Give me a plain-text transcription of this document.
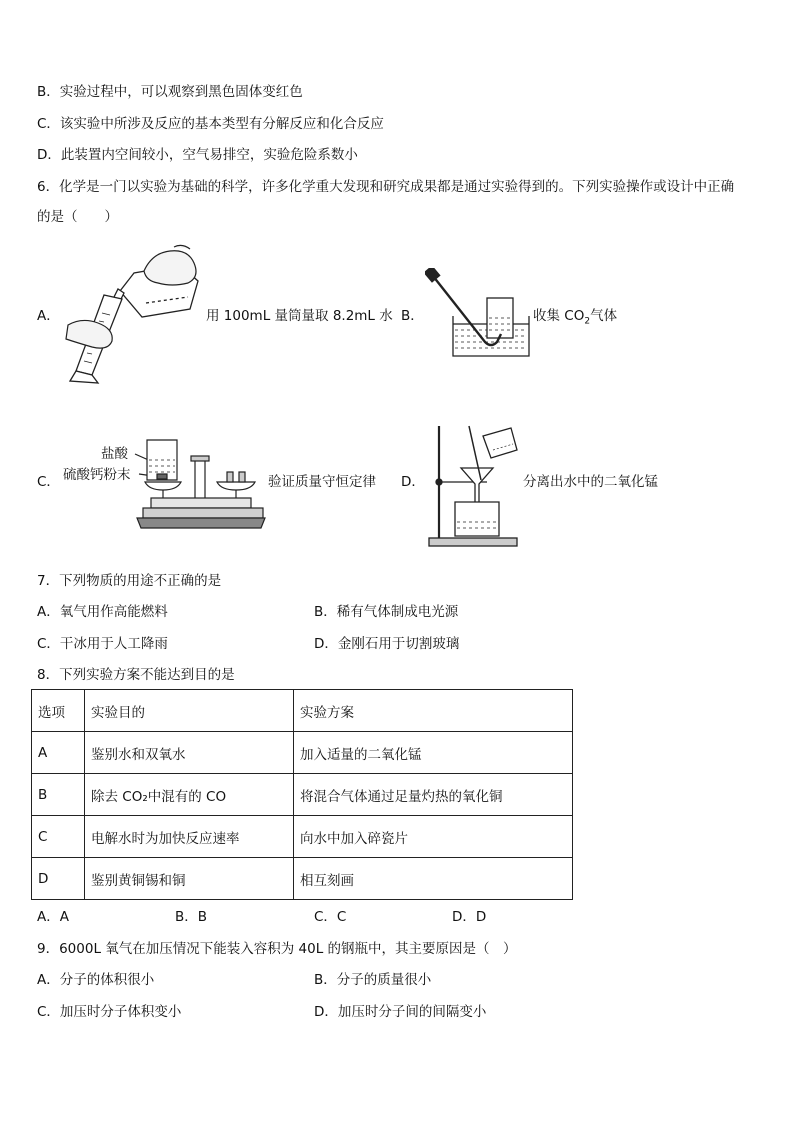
B．实验过程中，可以观察到黑色固体变红色
C．该实验中所涉及反应的基本类型有分解反应和化合反应
D．此装置内空间较小，空气易排空，实验危险系数小
6．化学是一门以实验为基础的科学，许多化学重大发现和研究成果都是通过实验得到的。下列实验操作或设计中正确
的是（　　）
A．	用 100mL 量筒量取 8.2mL 水 B．	收集 $CO_2$气体
C．
盐酸
硫酸钙粉末	验证质量守恒定律 D．	分离出水中的二氧化锰
7．下列物质的用途不正确的是
A．氧气用作高能燃料	B．稀有气体制成电光源
C．干冰用于人工降雨	D．金刚石用于切割玻璃
8．下列实验方案不能达到目的是
选项	实验目的	实验方案
A	鉴别水和双氧水	加入适量的二氧化锰
B	除去 CO₂中混有的 CO	将混合气体通过足量灼热的氧化铜
C	电解水时为加快反应速率	向水中加入碎瓷片
D	鉴别黄铜锡和铜	相互刻画
A．A	B．B	C．C	D．D
9．6000L 氧气在加压情况下能装入容积为 40L 的钢瓶中，其主要原因是（　）
A．分子的体积很小	B．分子的质量很小
C．加压时分子体积变小	D．加压时分子间的间隔变小
